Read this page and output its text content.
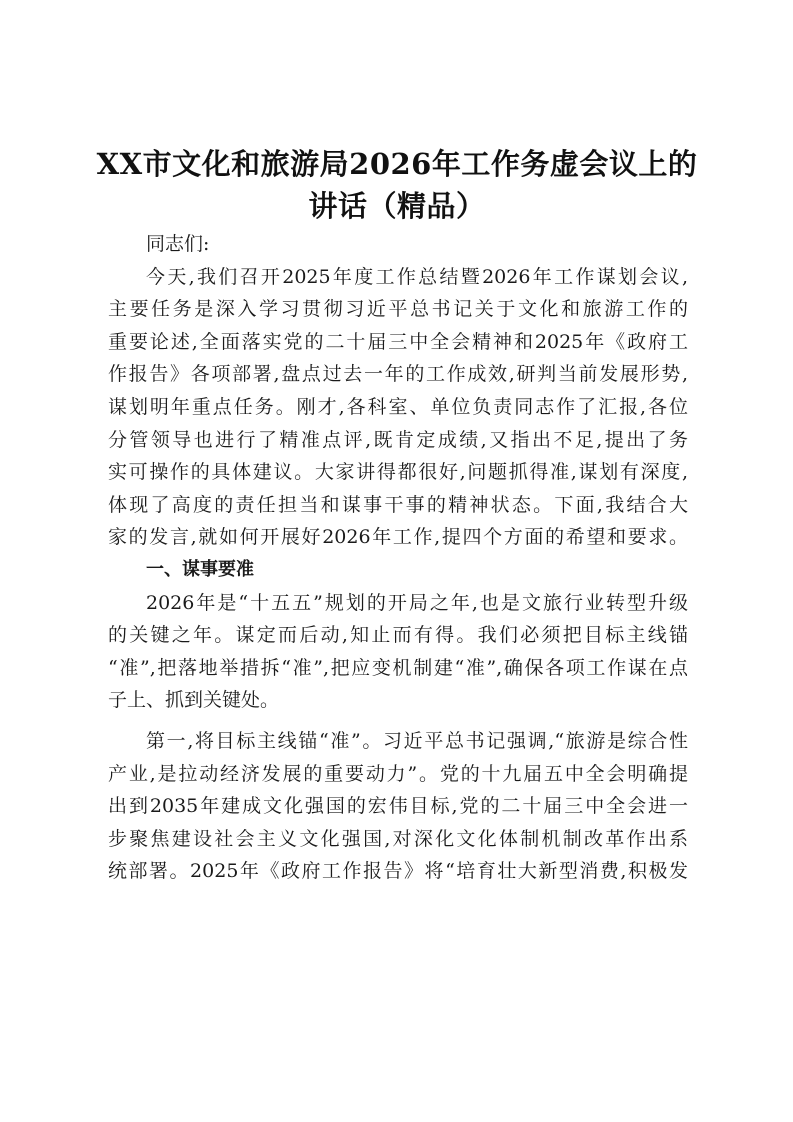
XX市文化和旅游局2026年工作务虚会议上的
讲话（精品）
同志们:
今天,我们召开2025年度工作总结暨2026年工作谋划会议,
主要任务是深入学习贯彻习近平总书记关于文化和旅游工作的
重要论述,全面落实党的二十届三中全会精神和2025年《政府工
作报告》各项部署,盘点过去一年的工作成效,研判当前发展形势,
谋划明年重点任务。刚才,各科室、单位负责同志作了汇报,各位
分管领导也进行了精准点评,既肯定成绩,又指出不足,提出了务
实可操作的具体建议。大家讲得都很好,问题抓得准,谋划有深度,
体现了高度的责任担当和谋事干事的精神状态。下面,我结合大
家的发言,就如何开展好2026年工作,提四个方面的希望和要求。
一、谋事要准
2026年是“十五五”规划的开局之年,也是文旅行业转型升级
的关键之年。谋定而后动,知止而有得。我们必须把目标主线锚
“准”,把落地举措拆“准”,把应变机制建“准”,确保各项工作谋在点
子上、抓到关键处。
第一,将目标主线锚“准”。习近平总书记强调,“旅游是综合性
产业,是拉动经济发展的重要动力”。党的十九届五中全会明确提
出到2035年建成文化强国的宏伟目标,党的二十届三中全会进一
步聚焦建设社会主义文化强国,对深化文化体制机制改革作出系
统部署。2025年《政府工作报告》将“培育壮大新型消费,积极发
